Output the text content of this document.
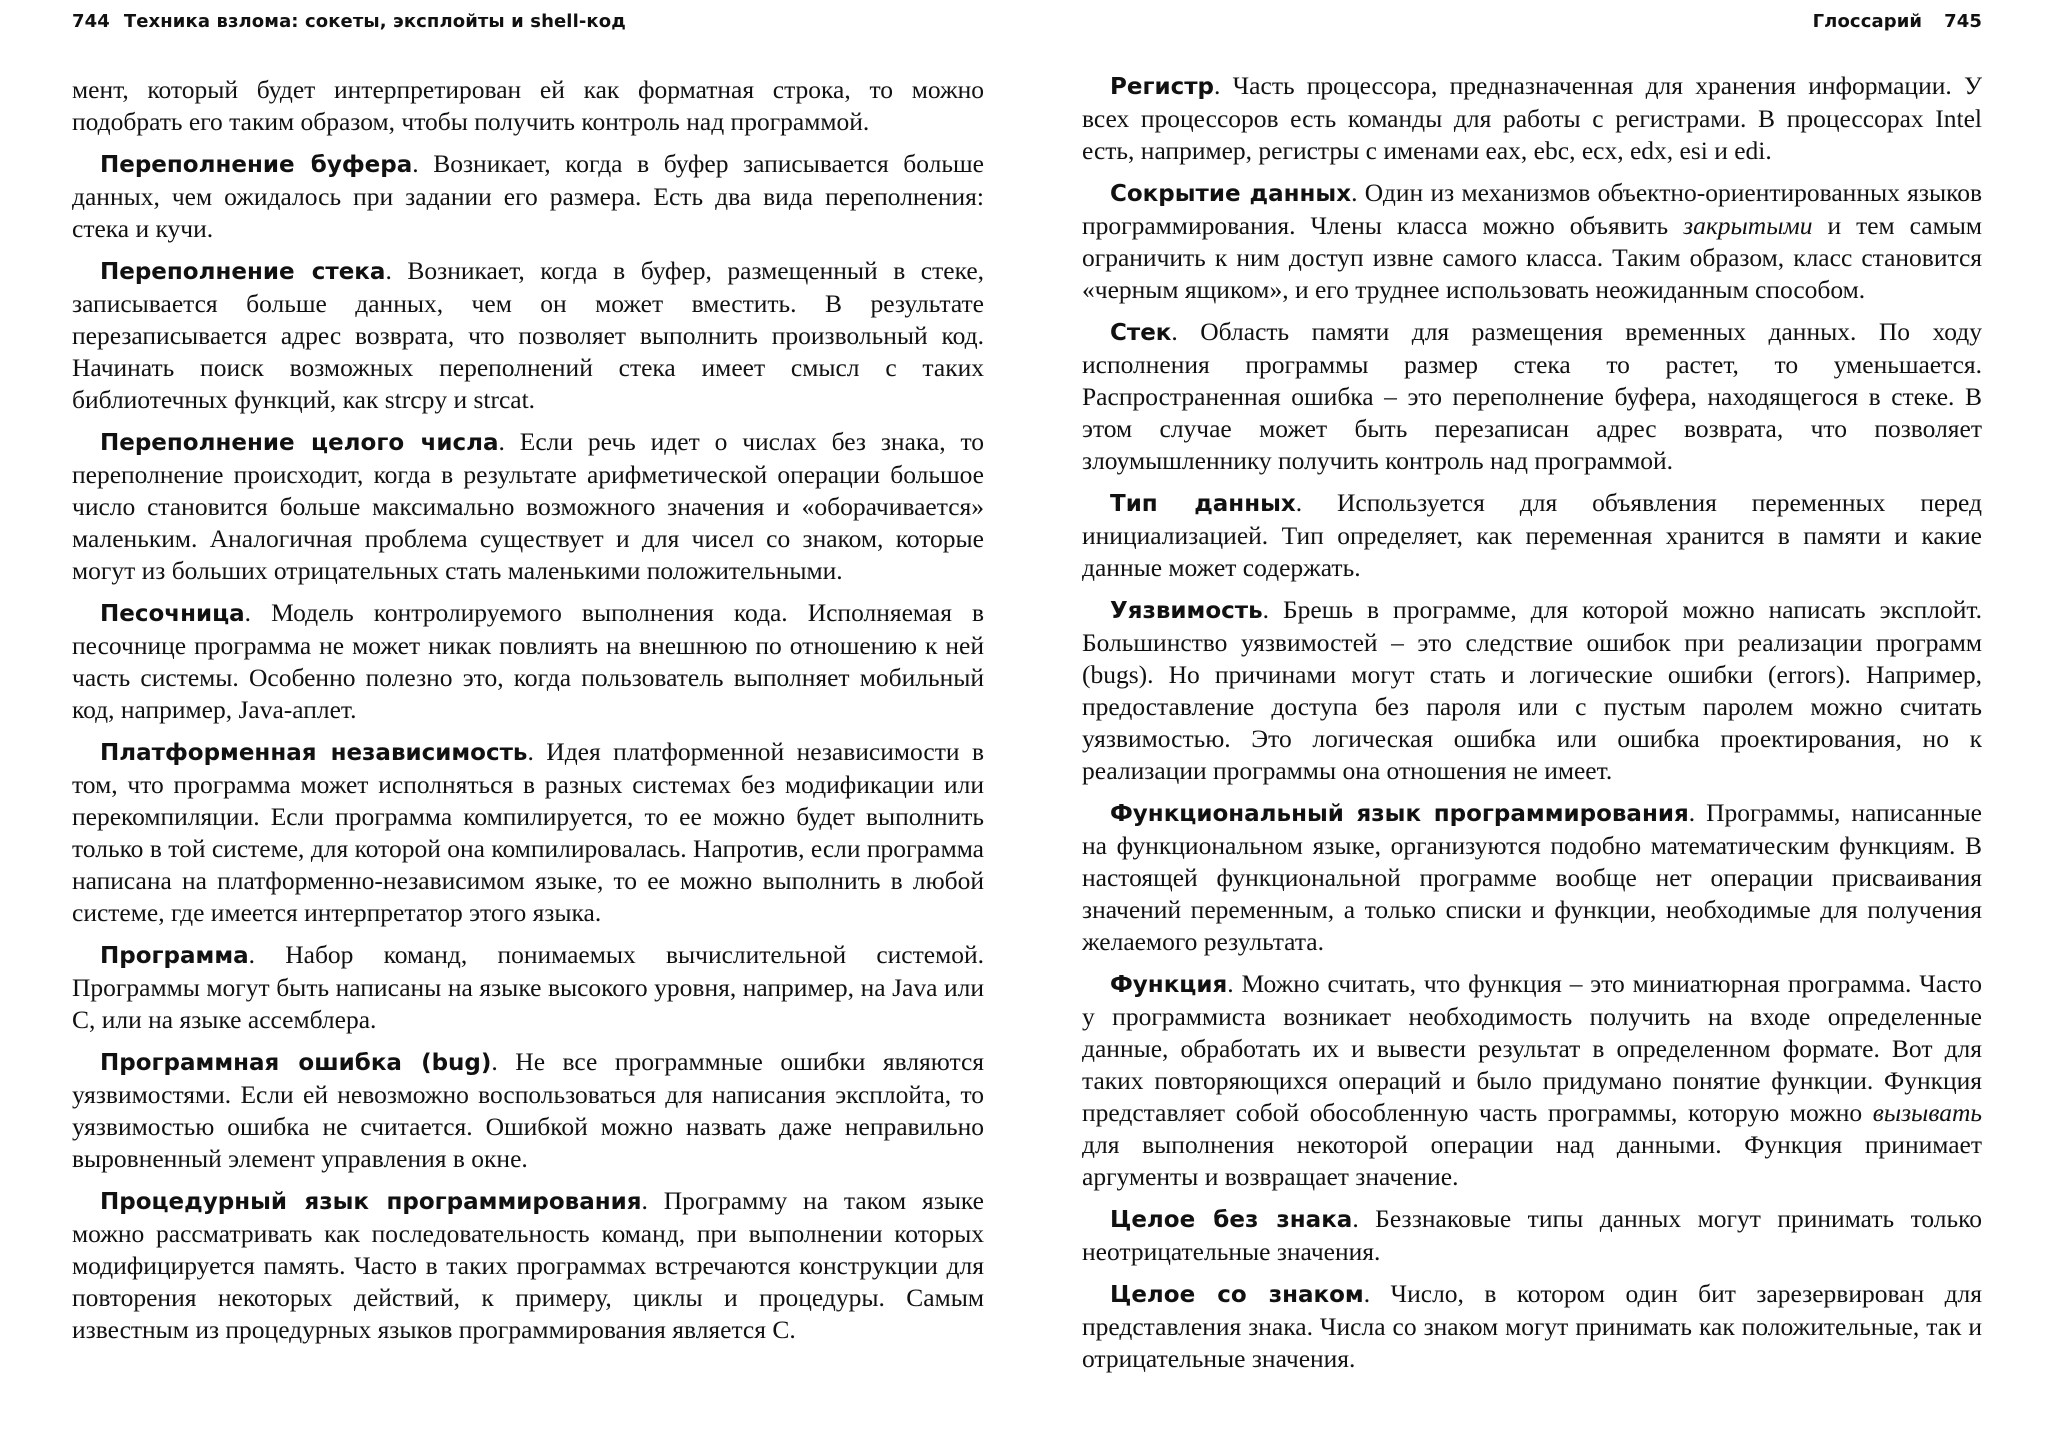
744 Техника взлома: сокеты, эксплойты и shell-код

мент, который будет интерпретирован ей как форматная строка, то можно подобрать его таким образом, чтобы получить контроль над программой.

Переполнение буфера. Возникает, когда в буфер записывается больше данных, чем ожидалось при задании его размера. Есть два вида переполнения: стека и кучи.

Переполнение стека. Возникает, когда в буфер, размещенный в стеке, записывается больше данных, чем он может вместить. В результате перезаписывается адрес возврата, что позволяет выполнить произвольный код. Начинать поиск возможных переполнений стека имеет смысл с таких библиотечных функций, как strcpy и strcat.

Переполнение целого числа. Если речь идет о числах без знака, то переполнение происходит, когда в результате арифметической операции большое число становится больше максимально возможного значения и «оборачивается» маленьким. Аналогичная проблема существует и для чисел со знаком, которые могут из больших отрицательных стать маленькими положительными.

Песочница. Модель контролируемого выполнения кода. Исполняемая в песочнице программа не может никак повлиять на внешнюю по отношению к ней часть системы. Особенно полезно это, когда пользователь выполняет мобильный код, например, Java-аплет.

Платформенная независимость. Идея платформенной независимости в том, что программа может исполняться в разных системах без модификации или перекомпиляции. Если программа компилируется, то ее можно будет выполнить только в той системе, для которой она компилировалась. Напротив, если программа написана на платформенно-независимом языке, то ее можно выполнить в любой системе, где имеется интерпретатор этого языка.

Программа. Набор команд, понимаемых вычислительной системой. Программы могут быть написаны на языке высокого уровня, например, на Java или С, или на языке ассемблера.

Программная ошибка (bug). Не все программные ошибки являются уязвимостями. Если ей невозможно воспользоваться для написания эксплойта, то уязвимостью ошибка не считается. Ошибкой можно назвать даже неправильно выровненный элемент управления в окне.

Процедурный язык программирования. Программу на таком языке можно рассматривать как последовательность команд, при выполнении которых модифицируется память. Часто в таких программах встречаются конструкции для повторения некоторых действий, к примеру, циклы и процедуры. Самым известным из процедурных языков программирования является С.

Глоссарий 745

Регистр. Часть процессора, предназначенная для хранения информации. У всех процессоров есть команды для работы с регистрами. В процессорах Intel есть, например, регистры с именами eax, ebc, ecx, edx, esi и edi.

Сокрытие данных. Один из механизмов объектно-ориентированных языков программирования. Члены класса можно объявить закрытыми и тем самым ограничить к ним доступ извне самого класса. Таким образом, класс становится «черным ящиком», и его труднее использовать неожиданным способом.

Стек. Область памяти для размещения временных данных. По ходу исполнения программы размер стека то растет, то уменьшается. Распространенная ошибка – это переполнение буфера, находящегося в стеке. В этом случае может быть перезаписан адрес возврата, что позволяет злоумышленнику получить контроль над программой.

Тип данных. Используется для объявления переменных перед инициализацией. Тип определяет, как переменная хранится в памяти и какие данные может содержать.

Уязвимость. Брешь в программе, для которой можно написать эксплойт. Большинство уязвимостей – это следствие ошибок при реализации программ (bugs). Но причинами могут стать и логические ошибки (errors). Например, предоставление доступа без пароля или с пустым паролем можно считать уязвимостью. Это логическая ошибка или ошибка проектирования, но к реализации программы она отношения не имеет.

Функциональный язык программирования. Программы, написанные на функциональном языке, организуются подобно математическим функциям. В настоящей функциональной программе вообще нет операции присваивания значений переменным, а только списки и функции, необходимые для получения желаемого результата.

Функция. Можно считать, что функция – это миниатюрная программа. Часто у программиста возникает необходимость получить на входе определенные данные, обработать их и вывести результат в определенном формате. Вот для таких повторяющихся операций и было придумано понятие функции. Функция представляет собой обособленную часть программы, которую можно вызывать для выполнения некоторой операции над данными. Функция принимает аргументы и возвращает значение.

Целое без знака. Беззнаковые типы данных могут принимать только неотрицательные значения.

Целое со знаком. Число, в котором один бит зарезервирован для представления знака. Числа со знаком могут принимать как положительные, так и отрицательные значения.
